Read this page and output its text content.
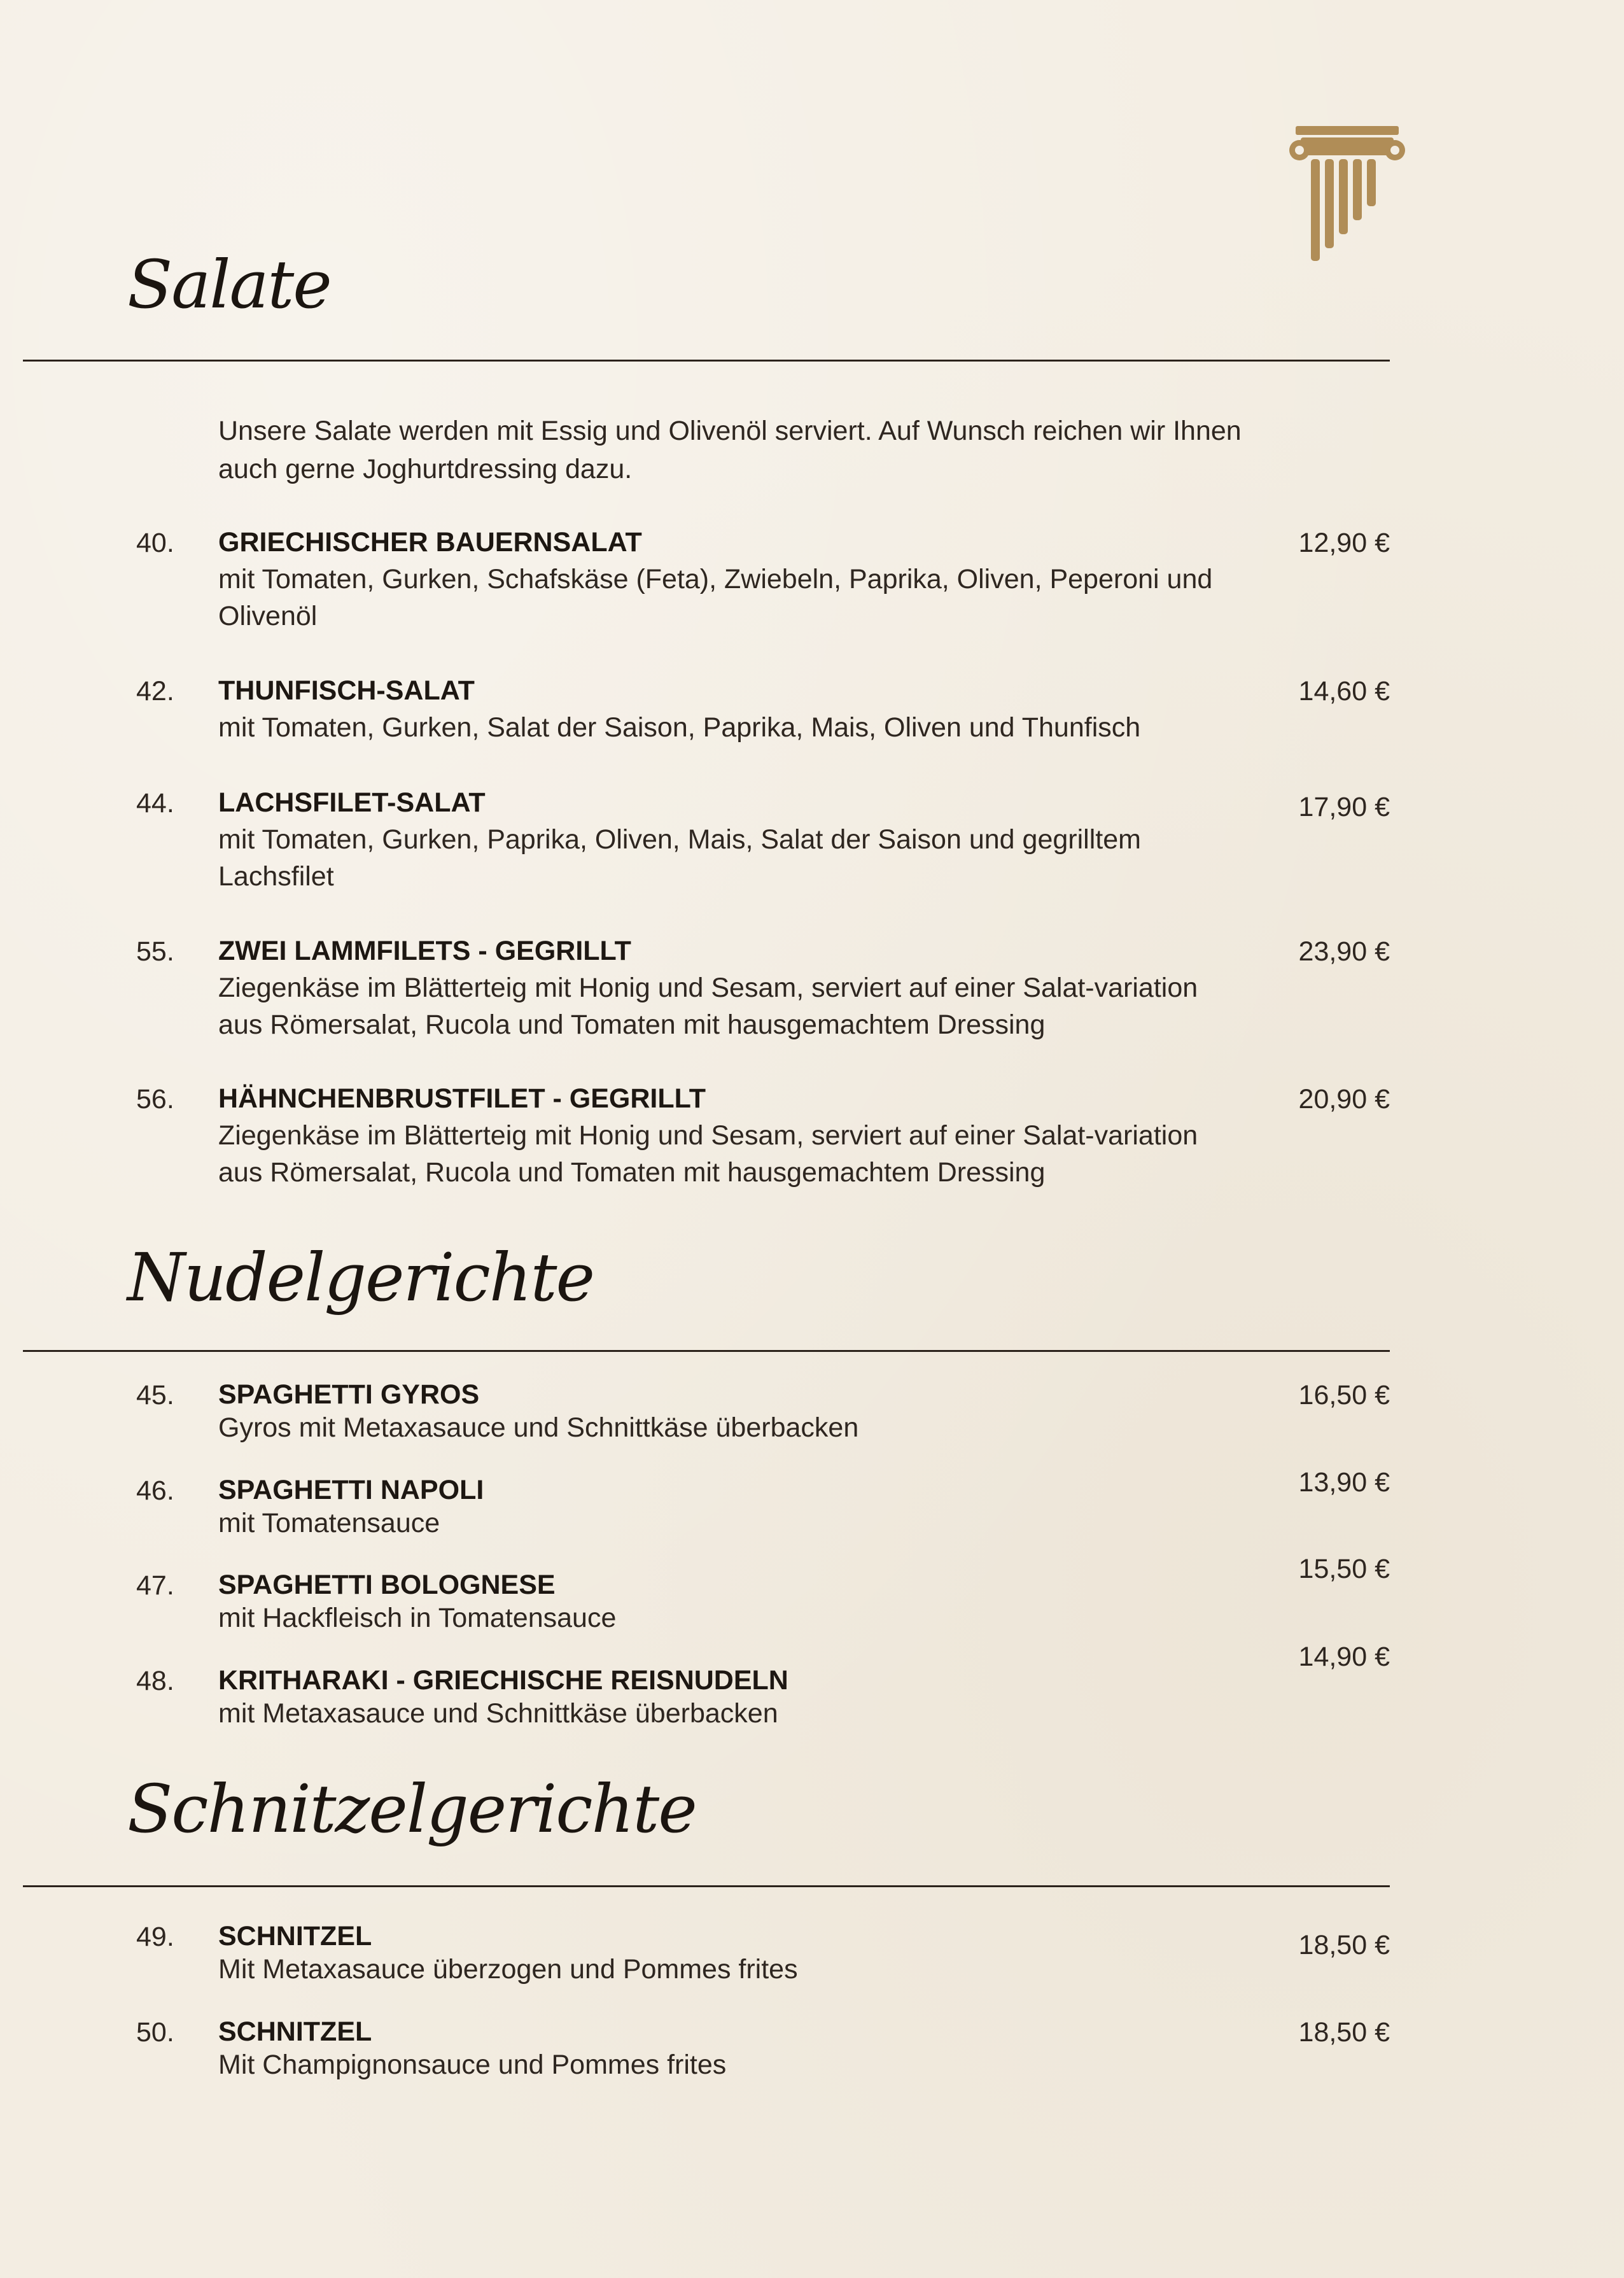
Salate
Unsere Salate werden mit Essig und Olivenöl serviert. Auf Wunsch reichen wir Ihnen auch gerne Joghurtdressing dazu.
40. GRIECHISCHER BAUERNSALAT
mit Tomaten, Gurken, Schafskäse (Feta), Zwiebeln, Paprika, Oliven, Peperoni und Olivenöl
12,90 €
42. THUNFISCH-SALAT
mit Tomaten, Gurken, Salat der Saison, Paprika, Mais, Oliven und Thunfisch
14,60 €
44. LACHSFILET-SALAT
mit Tomaten, Gurken, Paprika, Oliven, Mais, Salat der Saison und gegrilltem Lachsfilet
17,90 €
55. ZWEI LAMMFILETS - GEGRILLT
Ziegenkäse im Blätterteig mit Honig und Sesam, serviert auf einer Salat-variation aus Römersalat, Rucola und Tomaten mit hausgemachtem Dressing
23,90 €
56. HÄHNCHENBRUSTFILET - GEGRILLT
Ziegenkäse im Blätterteig mit Honig und Sesam, serviert auf einer Salat-variation aus Römersalat, Rucola und Tomaten mit hausgemachtem Dressing
20,90 €
Nudelgerichte
45. SPAGHETTI GYROS
Gyros mit Metaxasauce und Schnittkäse überbacken
16,50 €
46. SPAGHETTI NAPOLI
mit Tomatensauce
13,90 €
47. SPAGHETTI BOLOGNESE
mit Hackfleisch in Tomatensauce
15,50 €
48. KRITHARAKI - GRIECHISCHE REISNUDELN
mit Metaxasauce und Schnittkäse überbacken
14,90 €
Schnitzelgerichte
49. SCHNITZEL
Mit Metaxasauce überzogen und Pommes frites
18,50 €
50. SCHNITZEL
Mit Champignonsauce und Pommes frites
18,50 €
